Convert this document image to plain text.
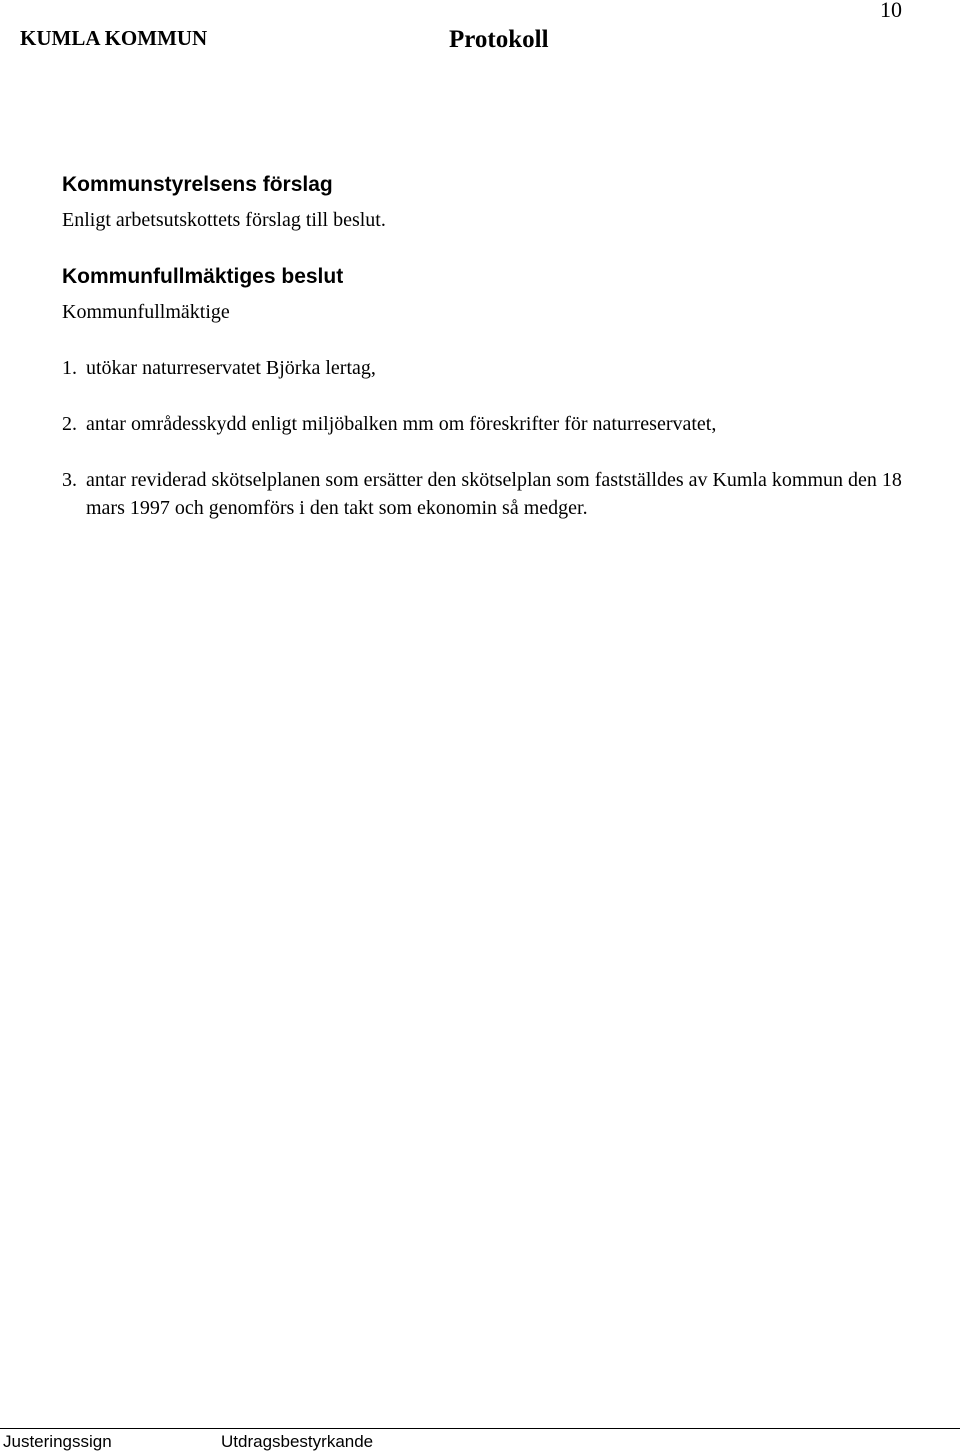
10
KUMLA KOMMUN	Protokoll
Kommunstyrelsens förslag

Enligt arbetsutskottets förslag till beslut.

Kommunfullmäktiges beslut

Kommunfullmäktige

1. utökar naturreservatet Björka lertag,
2. antar områdesskydd enligt miljöbalken mm om föreskrifter för naturreservatet,
3. antar reviderad skötselplanen som ersätter den skötselplan som fastställdes av Kumla kommun den 18 mars 1997 och genomförs i den takt som ekonomin så medger.
Justeringssign	Utdragsbestyrkande
